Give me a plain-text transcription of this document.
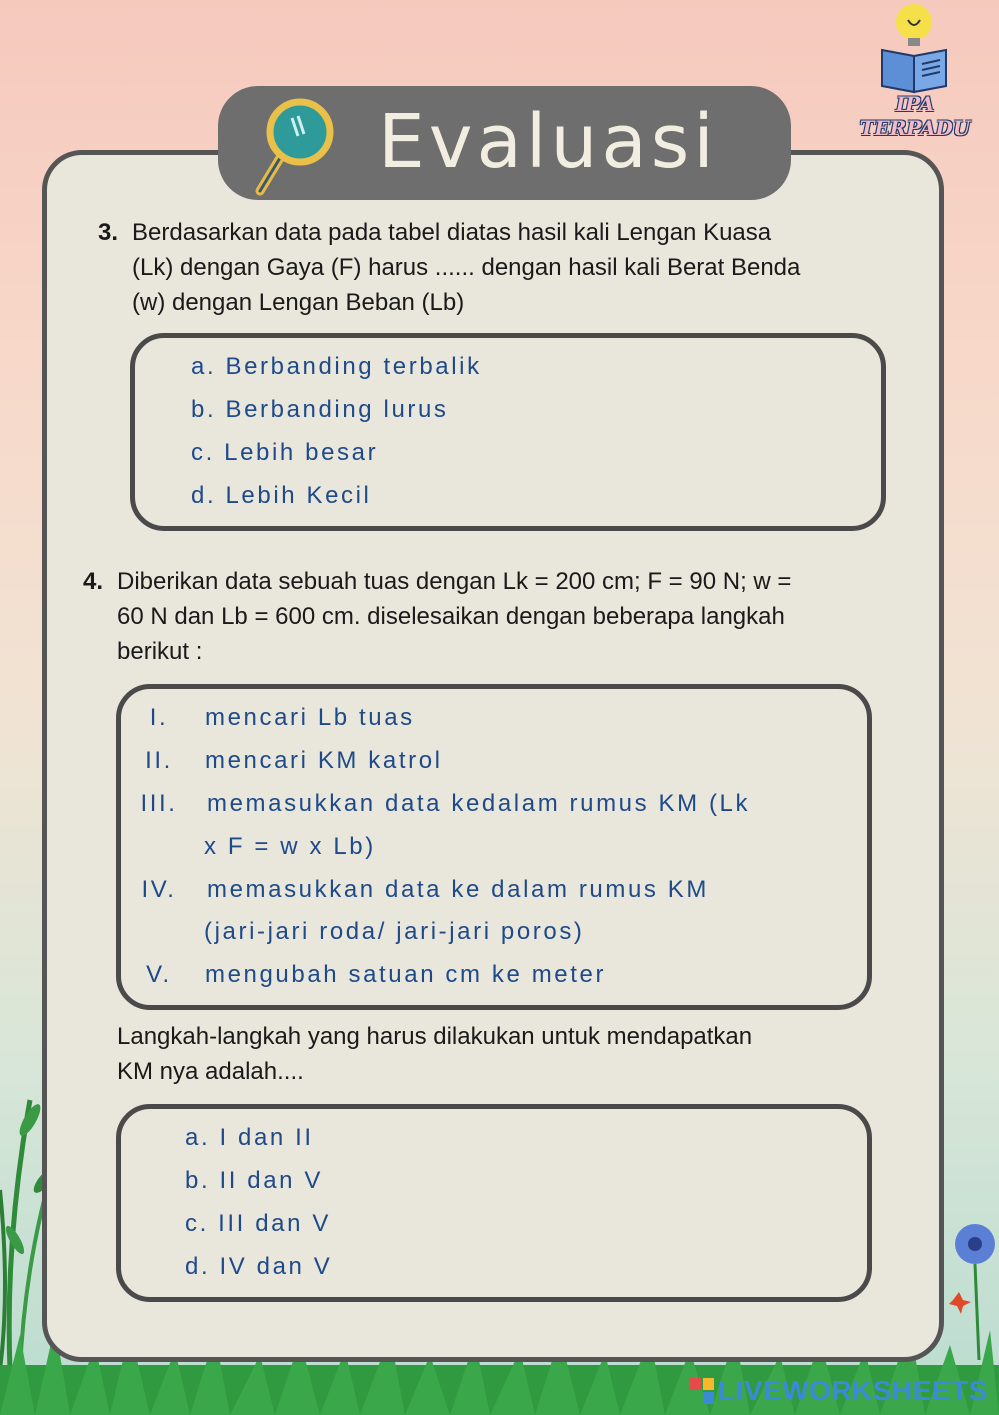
Evaluasi	IPA
TERPADU
3. Berdasarkan data pada tabel diatas hasil kali Lengan Kuasa
(Lk) dengan Gaya (F) harus ...... dengan hasil kali Berat Benda
(w) dengan Lengan Beban (Lb)
a. Berbanding terbalik
b. Berbanding lurus
c. Lebih besar
d. Lebih Kecil
4. Diberikan data sebuah tuas dengan Lk = 200 cm; F = 90 N; w =
60 N dan Lb = 600 cm. diselesaikan dengan beberapa langkah
berikut :
I.	mencari Lb tuas
II.	mencari KM katrol
III.	memasukkan data kedalam rumus KM (Lk
x F = w x Lb)
IV.	memasukkan data ke dalam rumus KM
(jari-jari roda/ jari-jari poros)
V.	mengubah satuan cm ke meter
Langkah-langkah yang harus dilakukan untuk mendapatkan
KM nya adalah....
a. I dan II
b. II dan V
c. III dan V
d. IV dan V
LIVEWORKSHEETS
